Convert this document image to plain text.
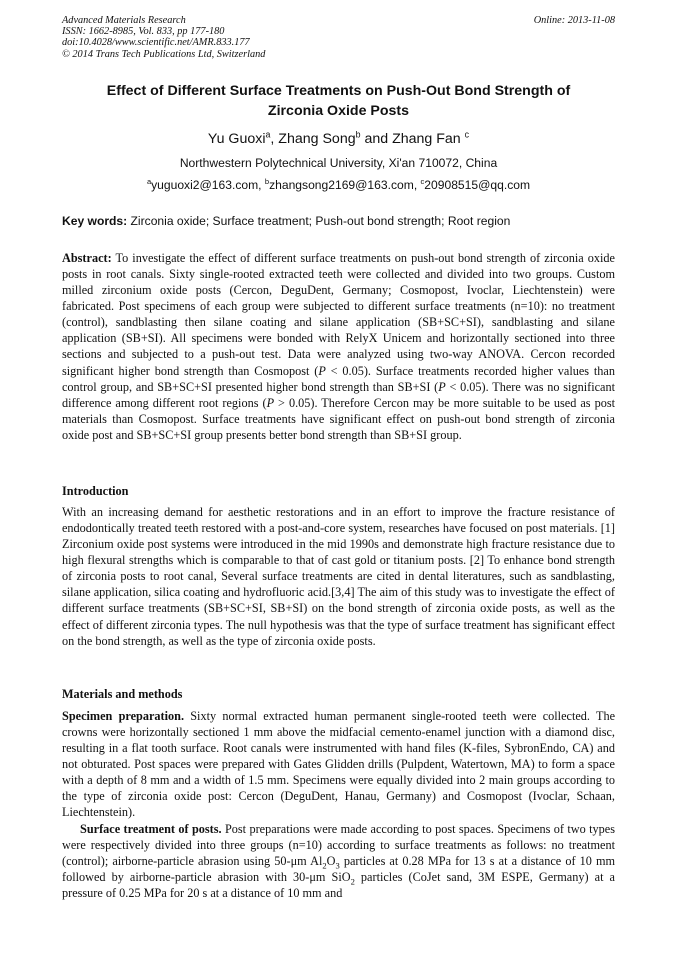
Advanced Materials Research
ISSN: 1662-8985, Vol. 833, pp 177-180
doi:10.4028/www.scientific.net/AMR.833.177
© 2014 Trans Tech Publications Ltd, Switzerland
Online: 2013-11-08
Effect of Different Surface Treatments on Push-Out Bond Strength of
Zirconia Oxide Posts
Yu Guoxi$^a$, Zhang Song$^b$ and Zhang Fan $^c$
Northwestern Polytechnical University, Xi'an 710072, China
$^a$yuguoxi2@163.com, $^b$zhangsong2169@163.com, $^c$20908515@qq.com
Key words: Zirconia oxide; Surface treatment; Push-out bond strength; Root region
Abstract: To investigate the effect of different surface treatments on push-out bond strength of zirconia oxide posts in root canals. Sixty single-rooted extracted teeth were collected and divided into two groups. Custom milled zirconium oxide posts (Cercon, DeguDent, Germany; Cosmopost, Ivoclar, Liechtenstein) were fabricated. Post specimens of each group were subjected to different surface treatments (n=10): no treatment (control), sandblasting then silane coating and silane application (SB+SC+SI), sandblasting and silane application (SB+SI). All specimens were bonded with RelyX Unicem and horizontally sectioned into three sections and subjected to a push-out test. Data were analyzed using two-way ANOVA. Cercon recorded significant higher bond strength than Cosmopost (P < 0.05). Surface treatments recorded higher values than control group, and SB+SC+SI presented higher bond strength than SB+SI (P < 0.05). There was no significant difference among different root regions (P > 0.05). Therefore Cercon may be more suitable to be used as post materials than Cosmopost. Surface treatments have significant effect on push-out bond strength of zirconia oxide post and SB+SC+SI group presents better bond strength than SB+SI group.
Introduction
With an increasing demand for aesthetic restorations and in an effort to improve the fracture resistance of endodontically treated teeth restored with a post-and-core system, researches have focused on post materials. [1] Zirconium oxide post systems were introduced in the mid 1990s and demonstrate high fracture resistance due to high flexural strengths which is comparable to that of cast gold or titanium posts. [2] To enhance bond strength of zirconia posts to root canal, Several surface treatments are cited in dental literatures, such as sandblasting, silane application, silica coating and hydrofluoric acid.[3,4] The aim of this study was to investigate the effect of different surface treatments (SB+SC+SI, SB+SI) on the bond strength of zirconia oxide posts, as well as the effect of different zirconia types. The null hypothesis was that the type of surface treatment has significant effect on the bond strength, as well as the type of zirconia oxide posts.
Materials and methods
Specimen preparation. Sixty normal extracted human permanent single-rooted teeth were collected. The crowns were horizontally sectioned 1 mm above the midfacial cemento-enamel junction with a diamond disc, resulting in a flat tooth surface. Root canals were instrumented with hand files (K-files, SybronEndo, CA) and not obturated. Post spaces were prepared with Gates Glidden drills (Pulpdent, Watertown, MA) to form a space with a depth of 8 mm and a width of 1.5 mm. Specimens were equally divided into 2 main groups according to the type of zirconia oxide post: Cercon (DeguDent, Hanau, Germany) and Cosmopost (Ivoclar, Schaan, Liechtenstein).
Surface treatment of posts. Post preparations were made according to post spaces. Specimens of two types were respectively divided into three groups (n=10) according to surface treatments as follows: no treatment (control); airborne-particle abrasion using 50-μm $Al_2O_3$ particles at 0.28 MPa for 13 s at a distance of 10 mm followed by airborne-particle abrasion with 30-μm SiO$_2$ particles (CoJet sand, 3M ESPE, Germany) at a pressure of 0.25 MPa for 20 s at a distance of 10 mm and
